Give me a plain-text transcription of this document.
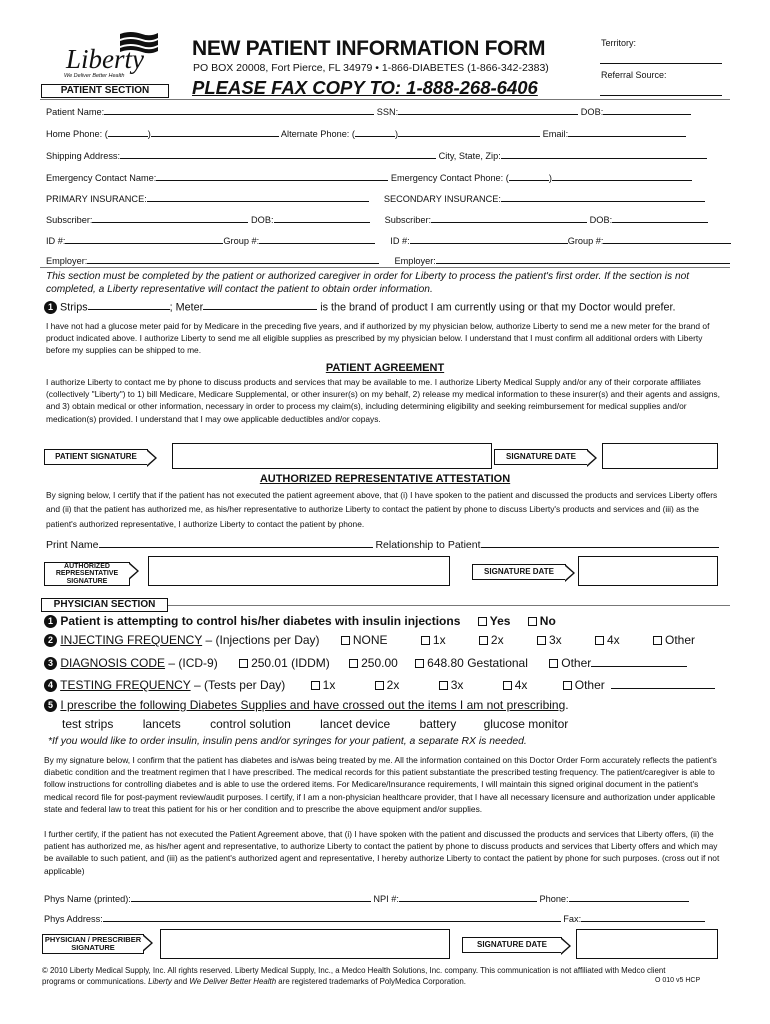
Liberty
We Deliver Better Health
PATIENT SECTION
NEW PATIENT INFORMATION FORM
PO BOX 20008, Fort Pierce, FL 34979 • 1-866-DIABETES (1-866-342-2383)
PLEASE FAX COPY TO: 1-888-268-6406
Territory:
Referral Source:
Patient Name:	SSN:	DOB:
Home Phone: (	)	Alternate Phone: (	)	Email:
Shipping Address:	City, State, Zip:
Emergency Contact Name:	Emergency Contact Phone: (	)
PRIMARY INSURANCE:	SECONDARY INSURANCE:
Subscriber:	DOB:	Subscriber:	DOB:
ID #:	Group #:	ID #:	Group #:
Employer:	Employer:
This section must be completed by the patient or authorized caregiver in order for Liberty to process the patient's first order. If the section is not completed, a Liberty representative will contact the patient to obtain order information.
1 Strips	; Meter	is the brand of product I am currently using or that my Doctor would prefer.
I have not had a glucose meter paid for by Medicare in the preceding five years, and if authorized by my physician below, authorize Liberty to send me a new meter for the brand of product indicated above. I authorize Liberty to send me all eligible supplies as prescribed by my physician below. I understand that I must confirm all additional orders with Liberty before my supplies can be shipped to me.
PATIENT AGREEMENT
I authorize Liberty to contact me by phone to discuss products and services that may be available to me. I authorize Liberty Medical Supply and/or any of their corporate affiliates (collectively "Liberty") to 1) bill Medicare, Medicare Supplemental, or other insurer(s) on my behalf, 2) release my medical information to these insurer(s) and their agents and assigns, and 3) obtain medical or other information, necessary in order to process my claim(s), including determining eligibility and seeking reimbursement for medical supplies and/or medication(s) provided. I understand that I may owe applicable deductibles and/or copays.
PATIENT SIGNATURE	SIGNATURE DATE
AUTHORIZED REPRESENTATIVE ATTESTATION
By signing below, I certify that if the patient has not executed the patient agreement above, that (i) I have spoken to the patient and discussed the products and services Liberty offers and (ii) that the patient has authorized me, as his/her representative to authorize Liberty to contact the patient by phone to discuss Liberty's products and services and (iii) as the patient's authorized representative, I authorize Liberty to contact the patient by phone.
Print Name	Relationship to Patient
AUTHORIZED REPRESENTATIVE SIGNATURE
SIGNATURE DATE
PHYSICIAN SECTION
1 Patient is attempting to control his/her diabetes with insulin injections Yes No
2 INJECTING FREQUENCY – (Injections per Day)	NONE	1x	2x	3x	4x	Other
3 DIAGNOSIS CODE – (ICD-9)	250.01 (IDDM)	250.00 648.80 Gestational	Other
4 TESTING FREQUENCY – (Tests per Day)	1x	2x	3x	4x	Other
5 I prescribe the following Diabetes Supplies and have crossed out the items I am not prescribing.
test strips lancets control solution lancet device battery glucose monitor
*If you would like to order insulin, insulin pens and/or syringes for your patient, a separate RX is needed.
By my signature below, I confirm that the patient has diabetes and is/was being treated by me. All the information contained on this Doctor Order Form accurately reflects the patient's diabetic condition and the treatment regimen that I have prescribed. The medical records for this patient substantiate the prescribed testing frequency. The patient/caregiver is able to follow instructions for controlling diabetes and is able to use the ordered items. For Medicare/Insurance requirements, I will maintain this signed original document in the patient's medical record file for post-payment review/audit purposes. I certify, if I am a non-physician healthcare provider, that I have all necessary licensure and authorization under applicable state and federal law to treat this patient for his or her condition and to prescribe the above equipment and/or supplies.
I further certify, if the patient has not executed the Patient Agreement above, that (i) I have spoken with the patient and discussed the products and services that Liberty offers, (ii) the patient has authorized me, as his/her agent and representative, to authorize Liberty to contact the patient by phone to discuss products and services that Liberty offers and which may be available to such patient, and (iii) as the patient's authorized agent and representative, I hereby authorize Liberty to contact the patient by phone for such purposes. (cross out if not applicable)
Phys Name (printed):	NPI #:	Phone:
Phys Address:	Fax:
PHYSICIAN / PRESCRIBER SIGNATURE	SIGNATURE DATE
© 2010 Liberty Medical Supply, Inc. All rights reserved. Liberty Medical Supply, Inc., a Medco Health Solutions, Inc. company. This communication is not affiliated with Medco client
programs or communications. Liberty and We Deliver Better Health are registered trademarks of PolyMedica Corporation.	O 010 v5 HCP
